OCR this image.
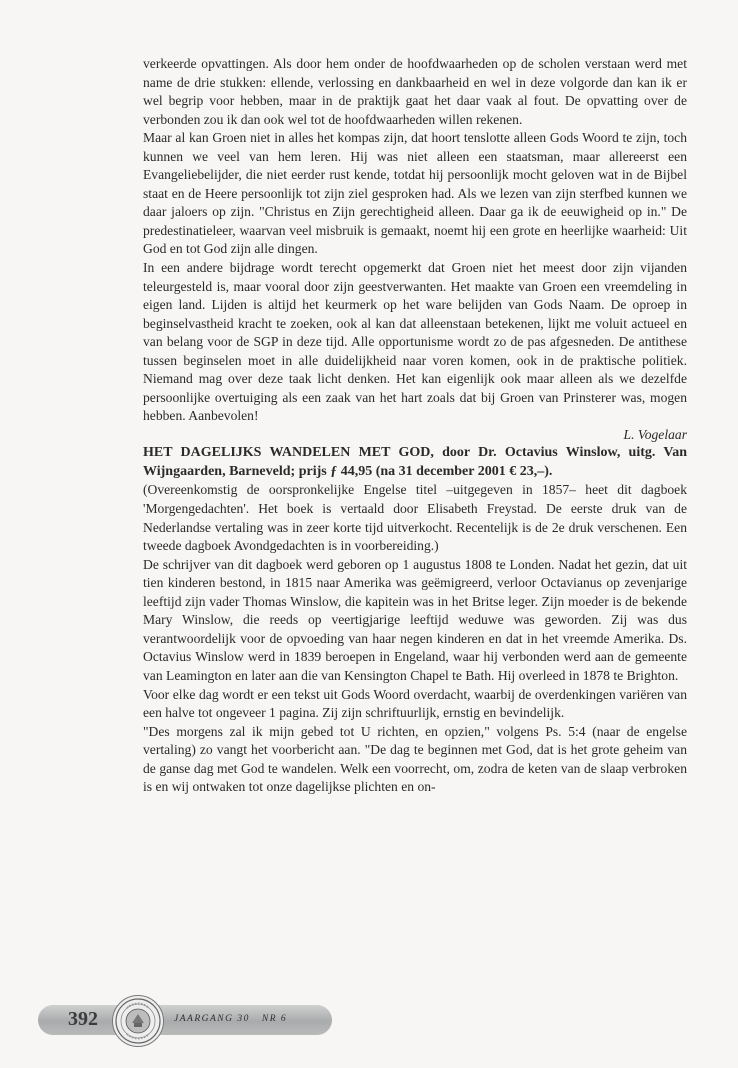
verkeerde opvattingen. Als door hem onder de hoofdwaarheden op de scholen verstaan werd met name de drie stukken: ellende, verlossing en dankbaarheid en wel in deze volgorde dan kan ik er wel begrip voor hebben, maar in de praktijk gaat het daar vaak al fout. De opvatting over de verbonden zou ik dan ook wel tot de hoofdwaarheden willen rekenen.

Maar al kan Groen niet in alles het kompas zijn, dat hoort tenslotte alleen Gods Woord te zijn, toch kunnen we veel van hem leren. Hij was niet alleen een staatsman, maar allereerst een Evangeliebelijder, die niet eerder rust kende, totdat hij persoonlijk mocht geloven wat in de Bijbel staat en de Heere persoonlijk tot zijn ziel gesproken had. Als we lezen van zijn sterfbed kunnen we daar jaloers op zijn. "Christus en Zijn gerechtigheid alleen. Daar ga ik de eeuwigheid op in." De predestinatieleer, waarvan veel misbruik is gemaakt, noemt hij een grote en heerlijke waarheid: Uit God en tot God zijn alle dingen.

In een andere bijdrage wordt terecht opgemerkt dat Groen niet het meest door zijn vijanden teleurgesteld is, maar vooral door zijn geestverwanten. Het maakte van Groen een vreemdeling in eigen land. Lijden is altijd het keurmerk op het ware belijden van Gods Naam. De oproep in beginselvastheid kracht te zoeken, ook al kan dat alleenstaan betekenen, lijkt me voluit actueel en van belang voor de SGP in deze tijd. Alle opportunisme wordt zo de pas afgesneden. De antithese tussen beginselen moet in alle duidelijkheid naar voren komen, ook in de praktische politiek. Niemand mag over deze taak licht denken. Het kan eigenlijk ook maar alleen als we dezelfde persoonlijke overtuiging als een zaak van het hart zoals dat bij Groen van Prinsterer was, mogen hebben. Aanbevolen!

L. Vogelaar

HET DAGELIJKS WANDELEN MET GOD, door Dr. Octavius Winslow, uitg. Van Wijngaarden, Barneveld; prijs ƒ 44,95 (na 31 december 2001 € 23,–).

(Overeenkomstig de oorspronkelijke Engelse titel –uitgegeven in 1857– heet dit dagboek 'Morgengedachten'. Het boek is vertaald door Elisabeth Freystad. De eerste druk van de Nederlandse vertaling was in zeer korte tijd uitverkocht. Recentelijk is de 2e druk verschenen. Een tweede dagboek Avondgedachten is in voorbereiding.)

De schrijver van dit dagboek werd geboren op 1 augustus 1808 te Londen. Nadat het gezin, dat uit tien kinderen bestond, in 1815 naar Amerika was geëmigreerd, verloor Octavianus op zevenjarige leeftijd zijn vader Thomas Winslow, die kapitein was in het Britse leger. Zijn moeder is de bekende Mary Winslow, die reeds op veertigjarige leeftijd weduwe was geworden. Zij was dus verantwoordelijk voor de opvoeding van haar negen kinderen en dat in het vreemde Amerika. Ds. Octavius Winslow werd in 1839 beroepen in Engeland, waar hij verbonden werd aan de gemeente van Leamington en later aan die van Kensington Chapel te Bath. Hij overleed in 1878 te Brighton.

Voor elke dag wordt er een tekst uit Gods Woord overdacht, waarbij de overdenkingen variëren van een halve tot ongeveer 1 pagina. Zij zijn schriftuurlijk, ernstig en bevindelijk.

"Des morgens zal ik mijn gebed tot U richten, en opzien," volgens Ps. 5:4 (naar de engelse vertaling) zo vangt het voorbericht aan. "De dag te beginnen met God, dat is het grote geheim van de ganse dag met God te wandelen. Welk een voorrecht, om, zodra de keten van de slaap verbroken is en wij ontwaken tot onze dagelijkse plichten en on-

392	JAARGANG 30 NR 6
